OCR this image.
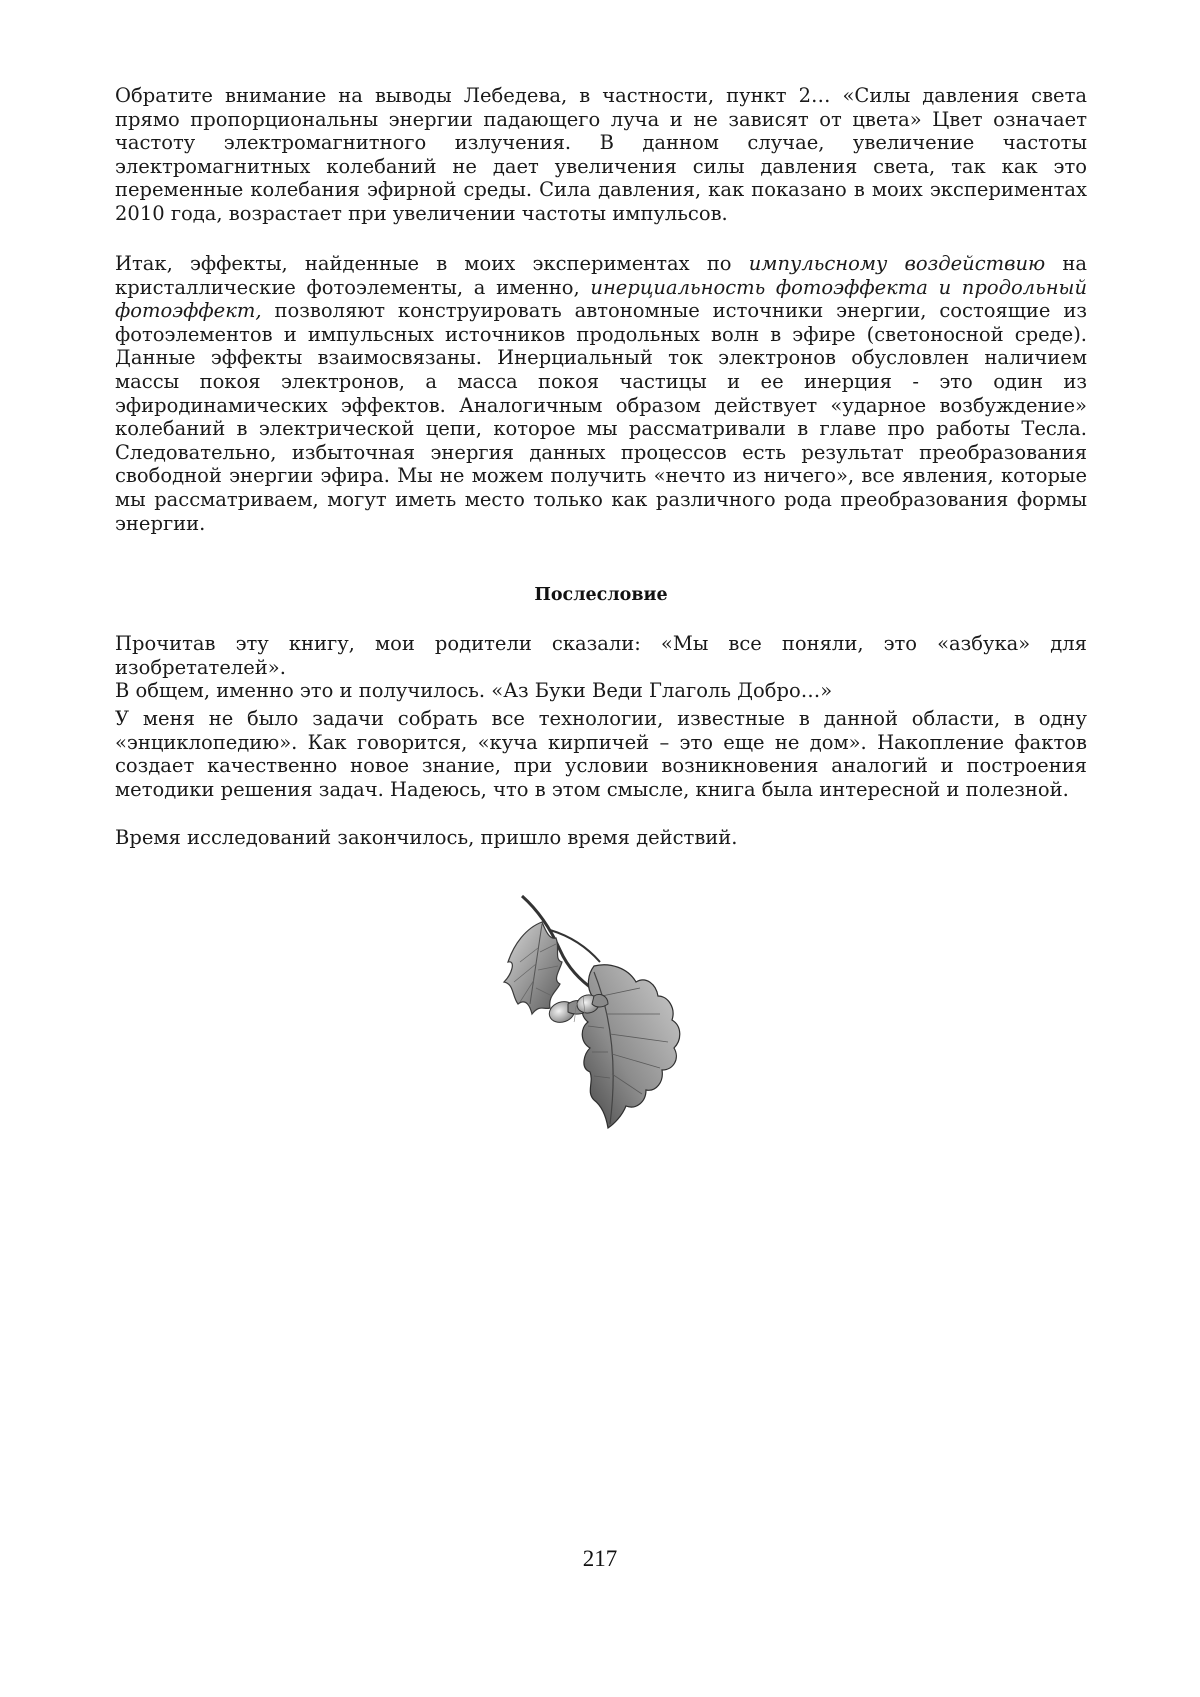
Обратите внимание на выводы Лебедева, в частности, пункт 2… «Силы давления света прямо пропорциональны энергии падающего луча и не зависят от цвета» Цвет означает частоту электромагнитного излучения. В данном случае, увеличение частоты электромагнитных колебаний не дает увеличения силы давления света, так как это переменные колебания эфирной среды. Сила давления, как показано в моих экспериментах 2010 года, возрастает при увеличении частоты импульсов.
Итак, эффекты, найденные в моих экспериментах по импульсному воздействию на кристаллические фотоэлементы, а именно, инерциальность фотоэффекта и продольный фотоэффект, позволяют конструировать автономные источники энергии, состоящие из фотоэлементов и импульсных источников продольных волн в эфире (светоносной среде). Данные эффекты взаимосвязаны. Инерциальный ток электронов обусловлен наличием массы покоя электронов, а масса покоя частицы и ее инерция - это один из эфиродинамических эффектов. Аналогичным образом действует «ударное возбуждение» колебаний в электрической цепи, которое мы рассматривали в главе про работы Тесла. Следовательно, избыточная энергия данных процессов есть результат преобразования свободной энергии эфира. Мы не можем получить «нечто из ничего», все явления, которые мы рассматриваем, могут иметь место только как различного рода преобразования формы энергии.
Послесловие
Прочитав эту книгу, мои родители сказали: «Мы все поняли, это «азбука» для изобретателей».
В общем, именно это и получилось. «Аз Буки Веди Глаголь Добро…»
У меня не было задачи собрать все технологии, известные в данной области, в одну «энциклопедию». Как говорится, «куча кирпичей – это еще не дом». Накопление фактов создает качественно новое знание, при условии возникновения аналогий и построения методики решения задач. Надеюсь, что в этом смысле, книга была интересной и полезной.
Время исследований закончилось, пришло время действий.
217
